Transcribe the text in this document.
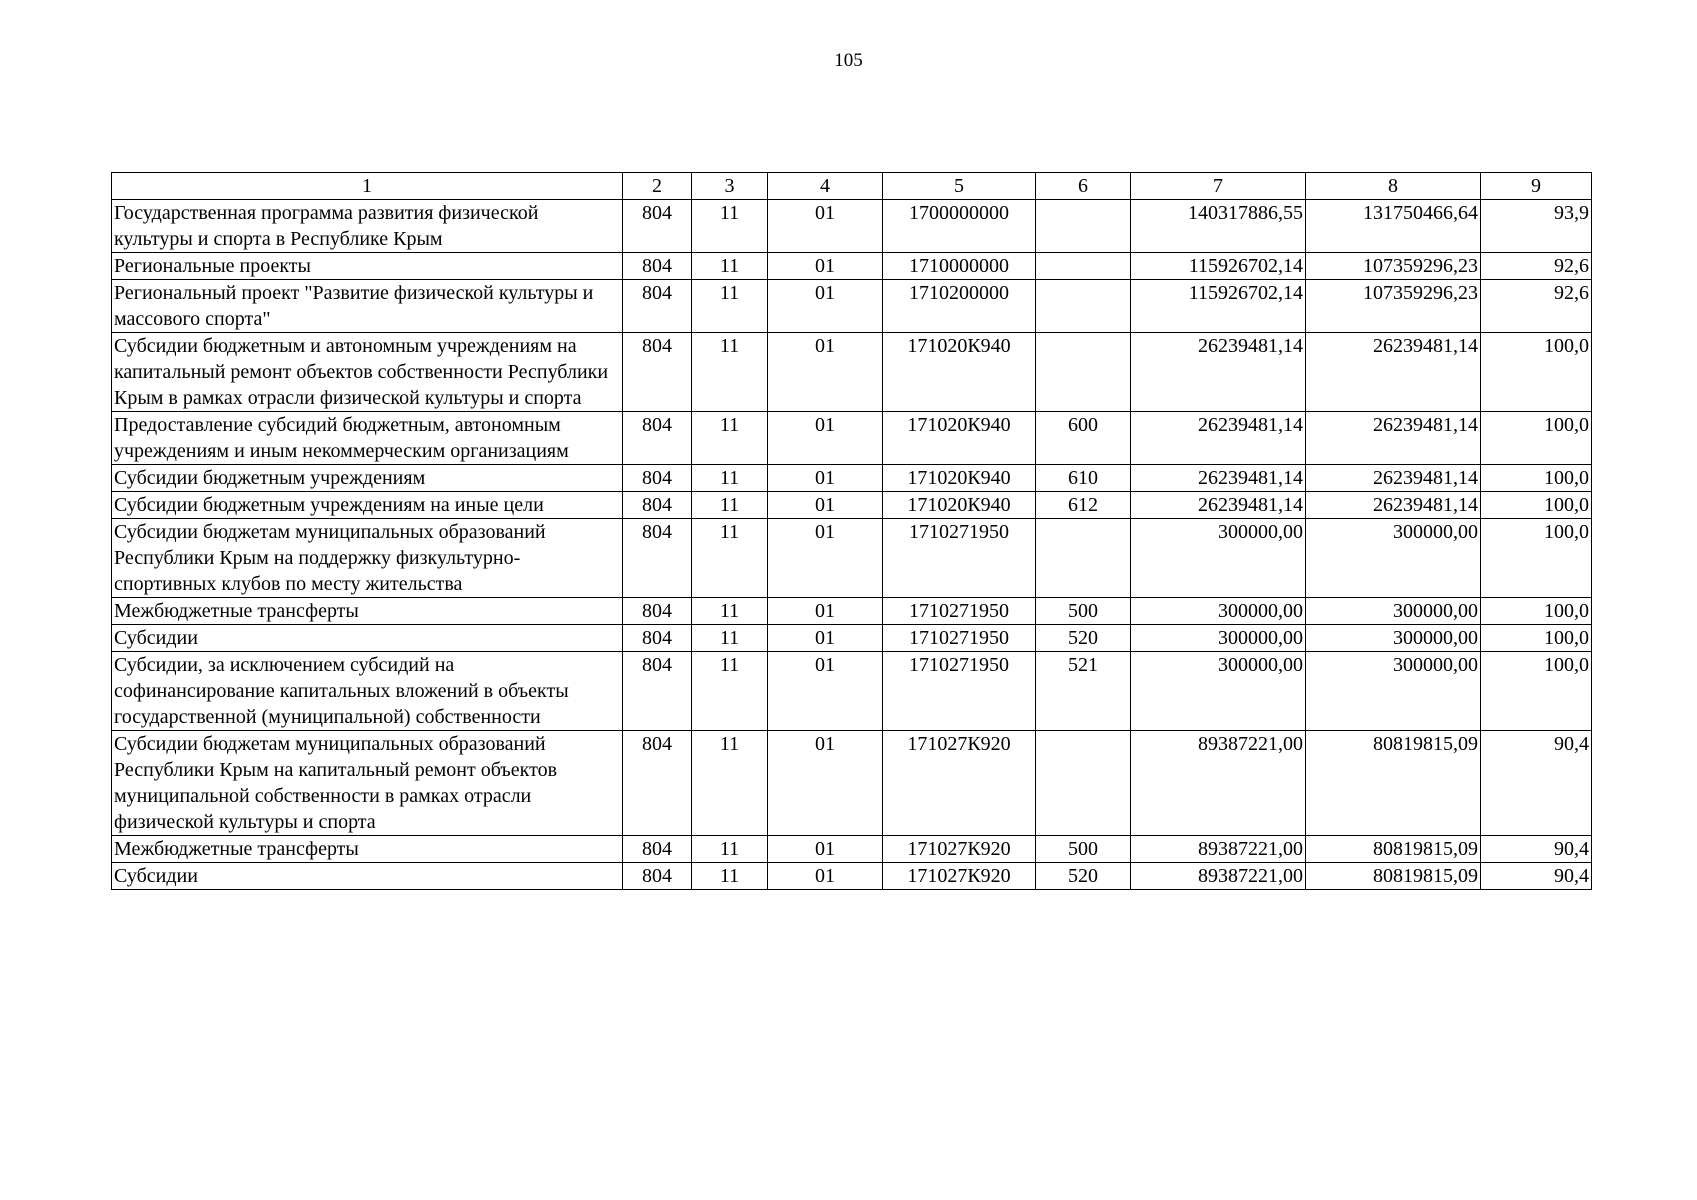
105
1	2	3	4	5	6	7	8	9
Государственная программа развития физической культуры и спорта в Республике Крым	804	11	01	1700000000		140317886,55	131750466,64	93,9
Региональные проекты	804	11	01	1710000000		115926702,14	107359296,23	92,6
Региональный проект "Развитие физической культуры и массового спорта"	804	11	01	1710200000		115926702,14	107359296,23	92,6
Субсидии бюджетным и автономным учреждениям на капитальный ремонт объектов собственности Республики Крым в рамках отрасли физической культуры и спорта	804	11	01	171020К940		26239481,14	26239481,14	100,0
Предоставление субсидий бюджетным, автономным учреждениям и иным некоммерческим организациям	804	11	01	171020К940	600	26239481,14	26239481,14	100,0
Субсидии бюджетным учреждениям	804	11	01	171020К940	610	26239481,14	26239481,14	100,0
Субсидии бюджетным учреждениям на иные цели	804	11	01	171020К940	612	26239481,14	26239481,14	100,0
Субсидии бюджетам муниципальных образований Республики Крым на поддержку физкультурно-спортивных клубов по месту жительства	804	11	01	1710271950		300000,00	300000,00	100,0
Межбюджетные трансферты	804	11	01	1710271950	500	300000,00	300000,00	100,0
Субсидии	804	11	01	1710271950	520	300000,00	300000,00	100,0
Субсидии, за исключением субсидий на софинансирование капитальных вложений в объекты государственной (муниципальной) собственности	804	11	01	1710271950	521	300000,00	300000,00	100,0
Субсидии бюджетам муниципальных образований Республики Крым на капитальный ремонт объектов муниципальной собственности в рамках отрасли физической культуры и спорта	804	11	01	171027К920		89387221,00	80819815,09	90,4
Межбюджетные трансферты	804	11	01	171027К920	500	89387221,00	80819815,09	90,4
Субсидии	804	11	01	171027К920	520	89387221,00	80819815,09	90,4
